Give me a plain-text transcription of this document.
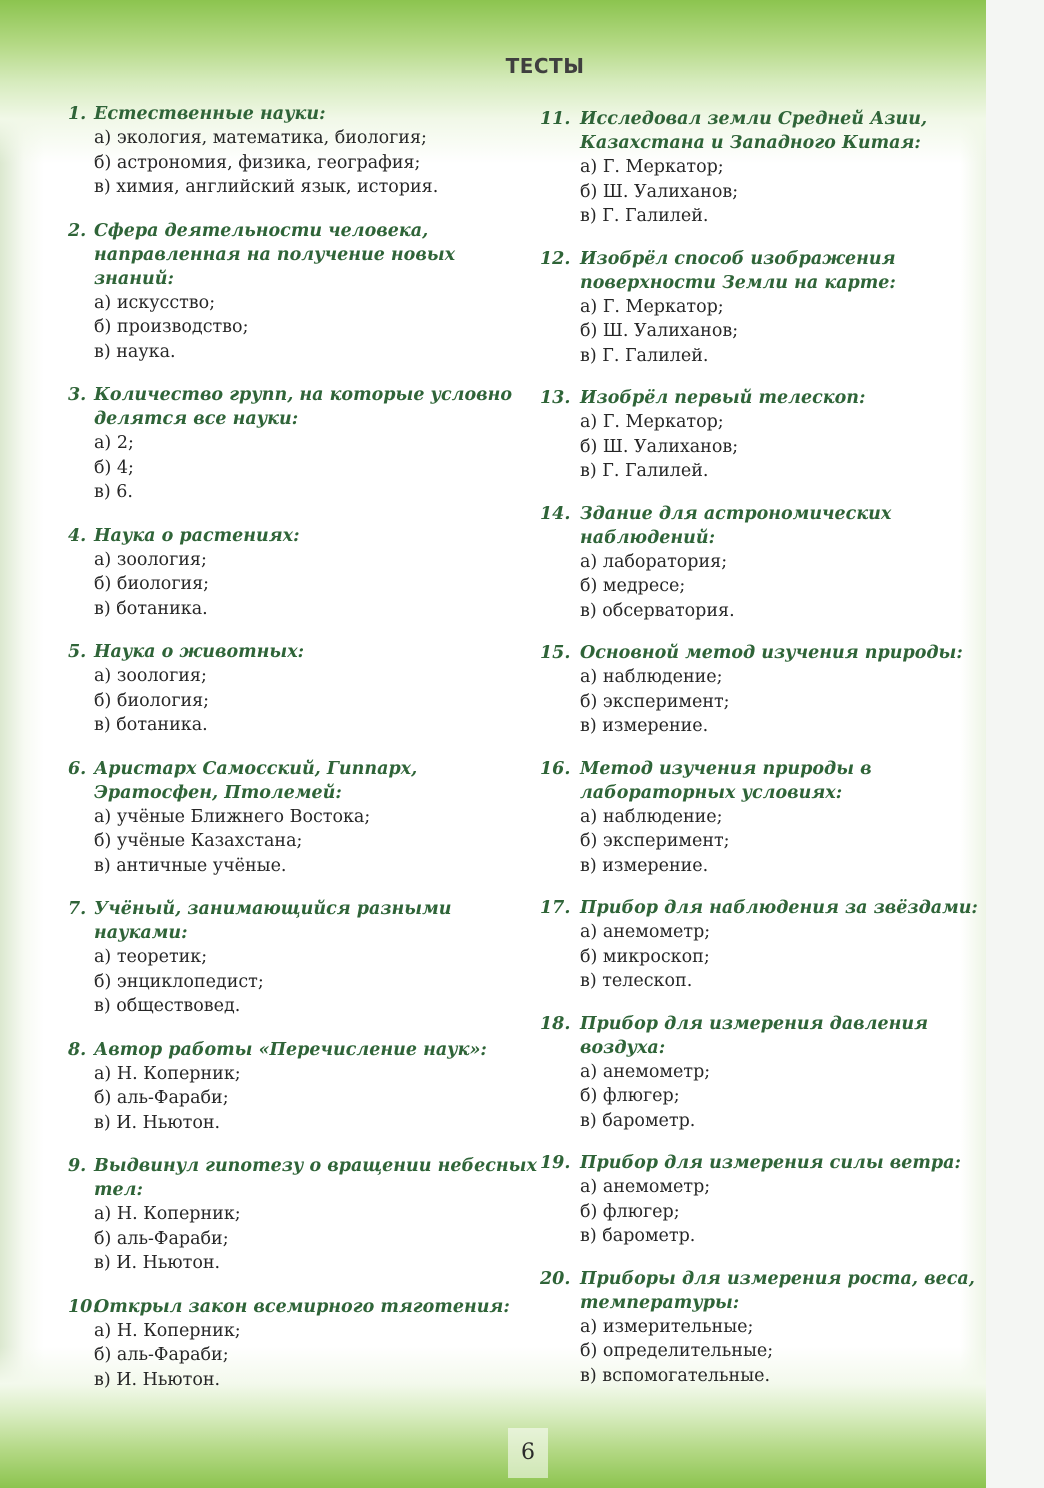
ТЕСТЫ
1. Естественные науки:
а) экология, математика, биология;
б) астрономия, физика, география;
в) химия, английский язык, история.
2. Сфера деятельности человека, направленная на получение новых знаний:
а) искусство;
б) производство;
в) наука.
3. Количество групп, на которые условно делятся все науки:
а) 2;
б) 4;
в) 6.
4. Наука о растениях:
а) зоология;
б) биология;
в) ботаника.
5. Наука о животных:
а) зоология;
б) биология;
в) ботаника.
6. Аристарх Самосский, Гиппарх, Эратосфен, Птолемей:
а) учёные Ближнего Востока;
б) учёные Казахстана;
в) античные учёные.
7. Учёный, занимающийся разными науками:
а) теоретик;
б) энциклопедист;
в) обществовед.
8. Автор работы «Перечисление наук»:
а) Н. Коперник;
б) аль-Фараби;
в) И. Ньютон.
9. Выдвинул гипотезу о вращении небесных тел:
а) Н. Коперник;
б) аль-Фараби;
в) И. Ньютон.
10.
Открыл закон всемирного тяготения:
а) Н. Коперник;
б) аль-Фараби;
в) И. Ньютон.
11. Исследовал земли Средней Азии, Казахстана и Западного Китая:
а) Г. Меркатор;
б) Ш. Уалиханов;
в) Г. Галилей.
12. Изобрёл способ изображения поверхности Земли на карте:
а) Г. Меркатор;
б) Ш. Уалиханов;
в) Г. Галилей.
13. Изобрёл первый телескоп:
а) Г. Меркатор;
б) Ш. Уалиханов;
в) Г. Галилей.
14. Здание для астрономических наблюдений:
а) лаборатория;
б) медресе;
в) обсерватория.
15. Основной метод изучения природы:
а) наблюдение;
б) эксперимент;
в) измерение.
16. Метод изучения природы в лабораторных условиях:
а) наблюдение;
б) эксперимент;
в) измерение.
17. Прибор для наблюдения за звёздами:
а) анемометр;
б) микроскоп;
в) телескоп.
18. Прибор для измерения давления воздуха:
а) анемометр;
б) флюгер;
в) барометр.
19. Прибор для измерения силы ветра:
а) анемометр;
б) флюгер;
в) барометр.
20. Приборы для измерения роста, веса, температуры:
а) измерительные;
б) определительные;
в) вспомогательные.
6
